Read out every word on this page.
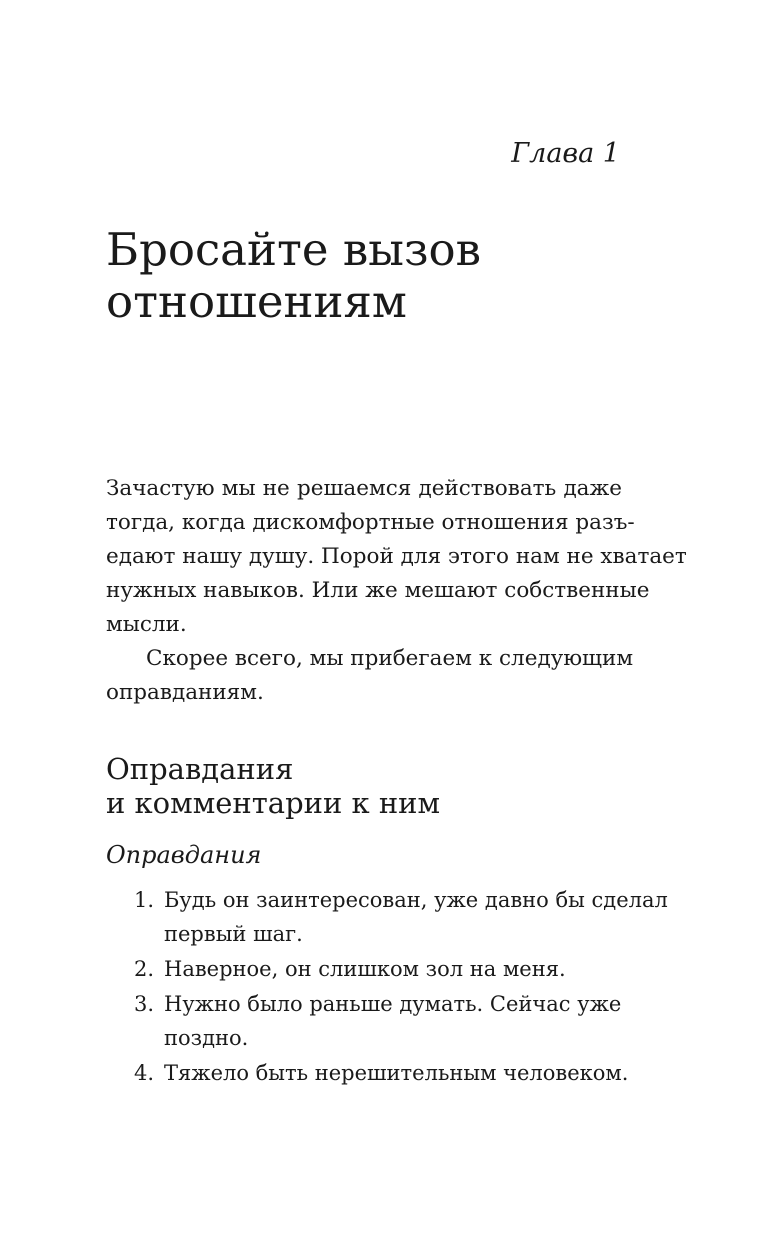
Глава 1
Бросайте вызов
отношениям
Зачастую мы не решаемся действовать даже
тогда, когда дискомфортные отношения разъ-
едают нашу душу. Порой для этого нам не хватает
нужных навыков. Или же мешают собственные
мысли.
Скорее всего, мы прибегаем к следующим
оправданиям.
Оправдания
и комментарии к ним
Оправдания
1. Будь он заинтересован, уже давно бы сделал
первый шаг.
2. Наверное, он слишком зол на меня.
3. Нужно было раньше думать. Сейчас уже
поздно.
4. Тяжело быть нерешительным человеком.
